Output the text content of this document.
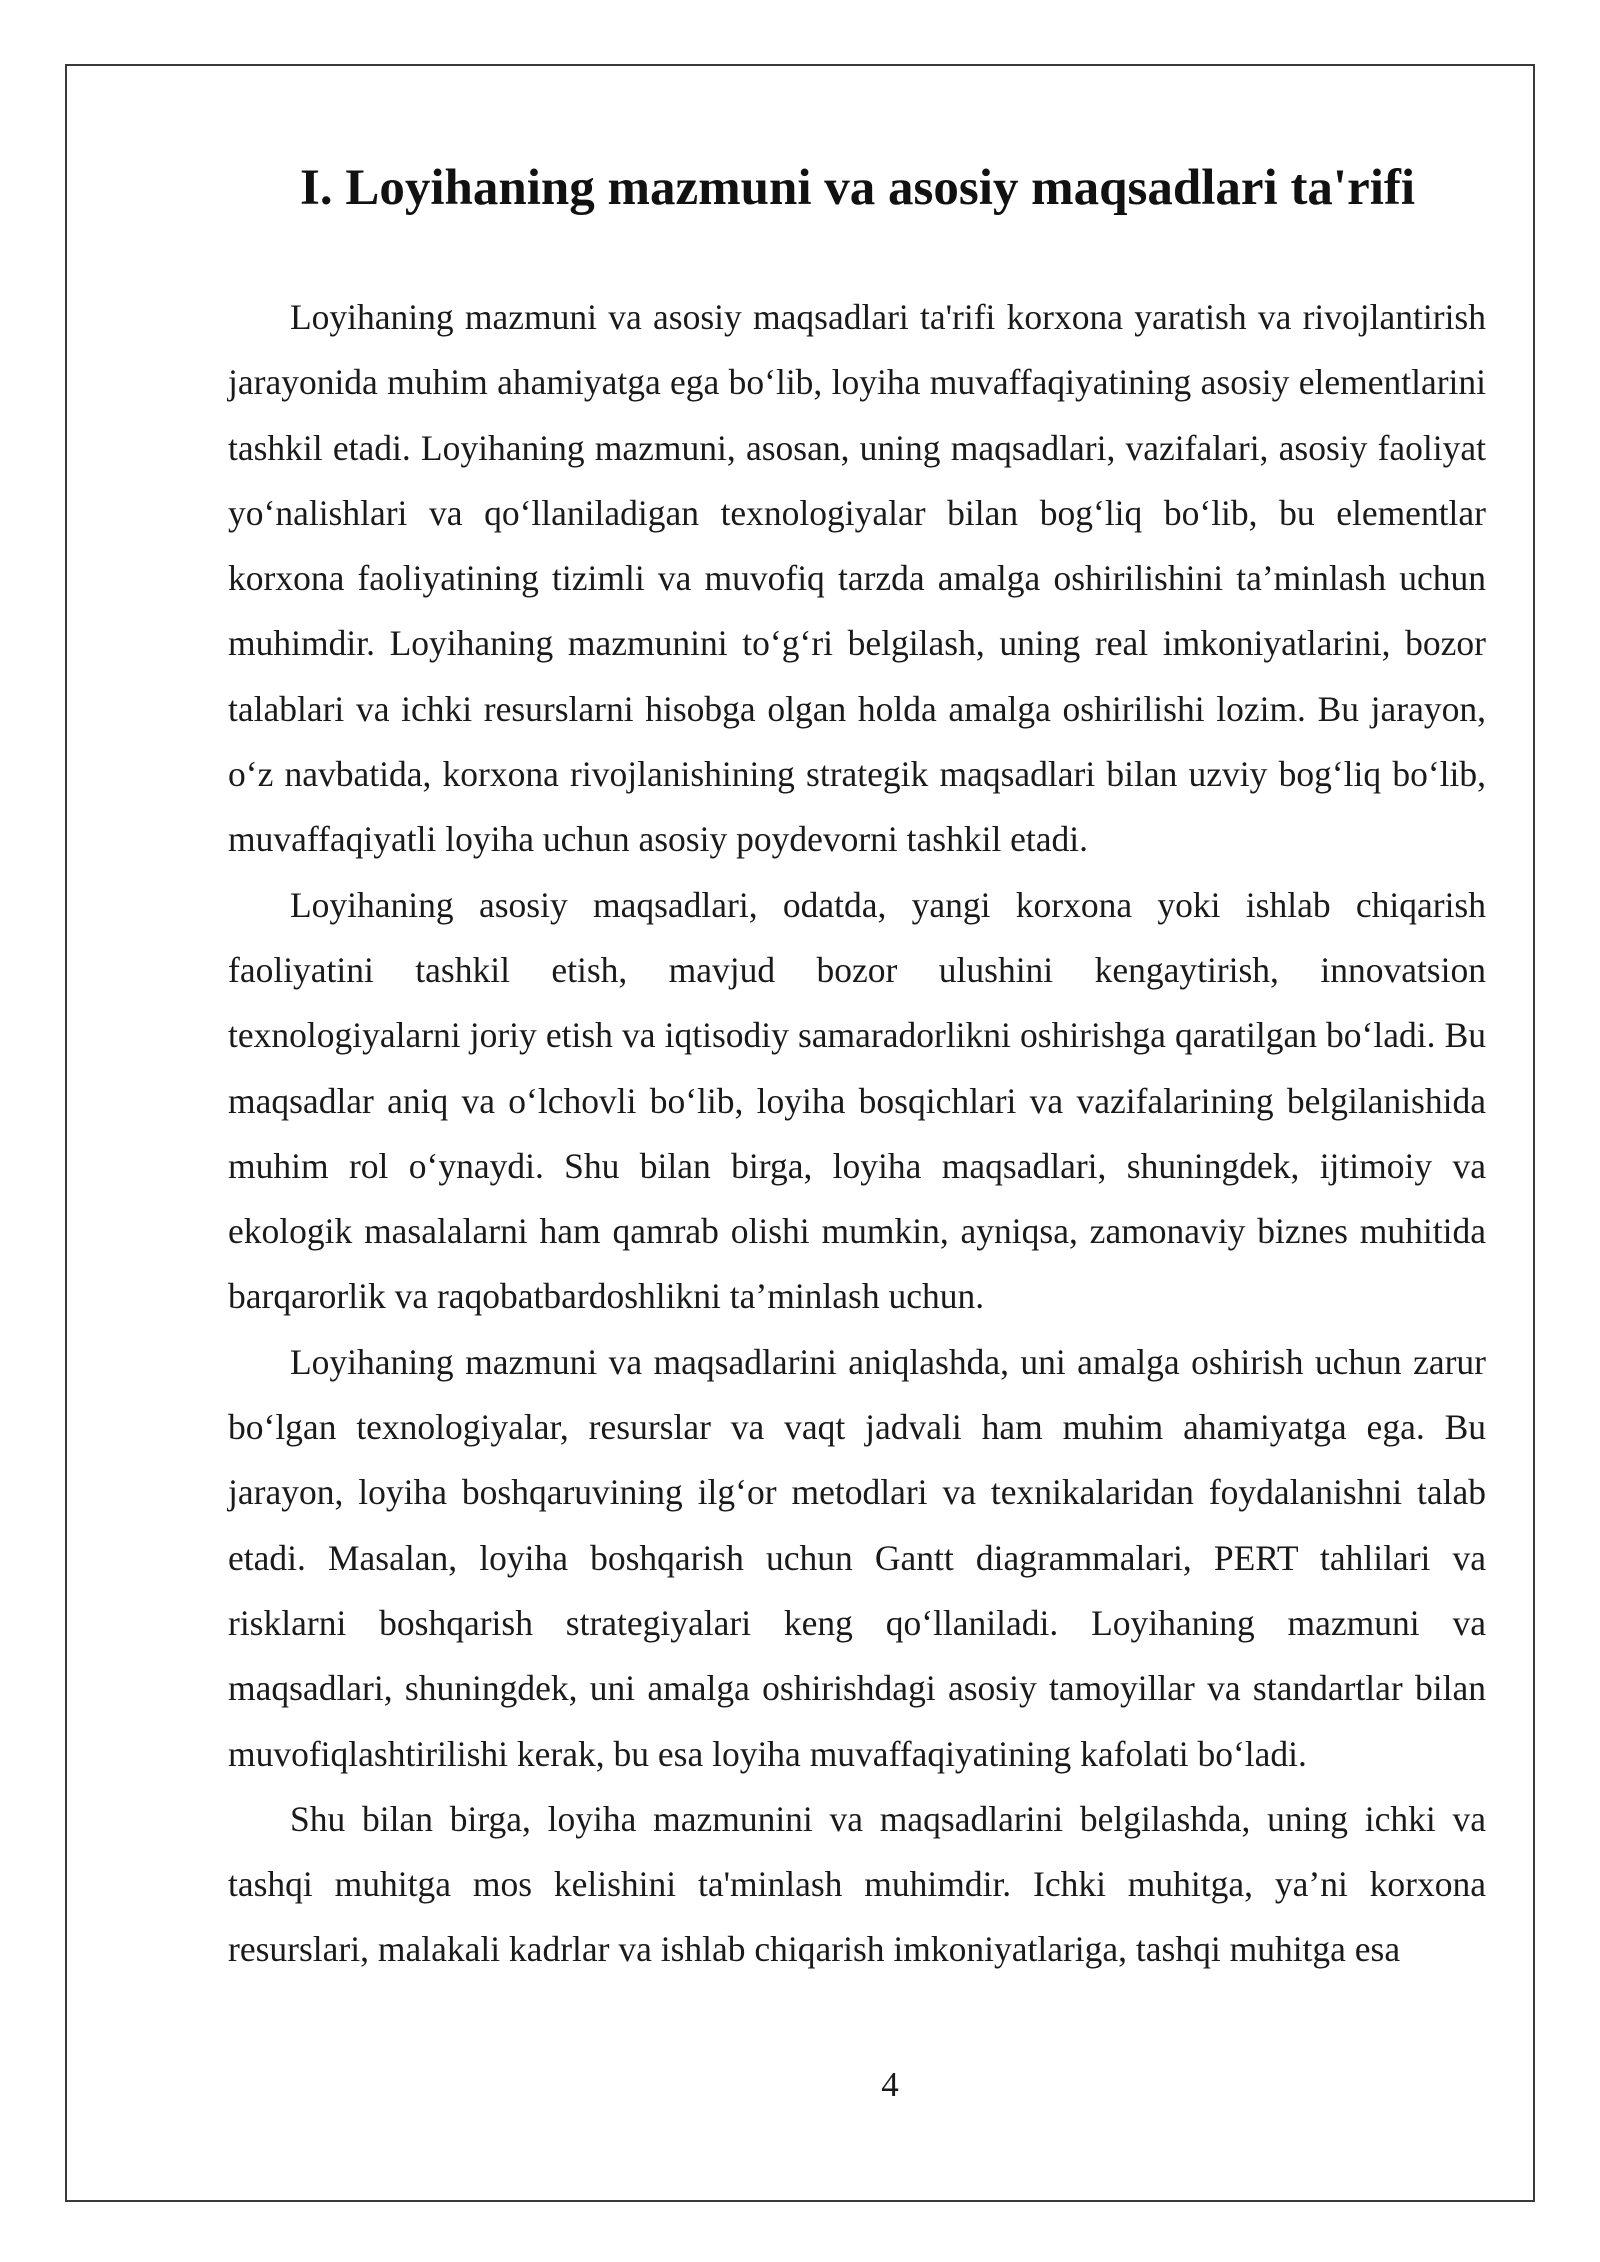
I. Loyihaning mazmuni va asosiy maqsadlari ta'rifi

Loyihaning mazmuni va asosiy maqsadlari ta'rifi korxona yaratish va rivojlantirish jarayonida muhim ahamiyatga ega bo‘lib, loyiha muvaffaqiyatining asosiy elementlarini tashkil etadi. Loyihaning mazmuni, asosan, uning maqsadlari, vazifalari, asosiy faoliyat yo‘nalishlari va qo‘llaniladigan texnologiyalar bilan bog‘liq bo‘lib, bu elementlar korxona faoliyatining tizimli va muvofiq tarzda amalga oshirilishini ta’minlash uchun muhimdir. Loyihaning mazmunini to‘g‘ri belgilash, uning real imkoniyatlarini, bozor talablari va ichki resurslarni hisobga olgan holda amalga oshirilishi lozim. Bu jarayon, o‘z navbatida, korxona rivojlanishining strategik maqsadlari bilan uzviy bog‘liq bo‘lib, muvaffaqiyatli loyiha uchun asosiy poydevorni tashkil etadi.

Loyihaning asosiy maqsadlari, odatda, yangi korxona yoki ishlab chiqarish faoliyatini tashkil etish, mavjud bozor ulushini kengaytirish, innovatsion texnologiyalarni joriy etish va iqtisodiy samaradorlikni oshirishga qaratilgan bo‘ladi. Bu maqsadlar aniq va o‘lchovli bo‘lib, loyiha bosqichlari va vazifalarining belgilanishida muhim rol o‘ynaydi. Shu bilan birga, loyiha maqsadlari, shuningdek, ijtimoiy va ekologik masalalarni ham qamrab olishi mumkin, ayniqsa, zamonaviy biznes muhitida barqarorlik va raqobatbardoshlikni ta’minlash uchun.

Loyihaning mazmuni va maqsadlarini aniqlashda, uni amalga oshirish uchun zarur bo‘lgan texnologiyalar, resurslar va vaqt jadvali ham muhim ahamiyatga ega. Bu jarayon, loyiha boshqaruvining ilg‘or metodlari va texnikalaridan foydalanishni talab etadi. Masalan, loyiha boshqarish uchun Gantt diagrammalari, PERT tahlilari va risklarni boshqarish strategiyalari keng qo‘llaniladi. Loyihaning mazmuni va maqsadlari, shuningdek, uni amalga oshirishdagi asosiy tamoyillar va standartlar bilan muvofiqlashtirilishi kerak, bu esa loyiha muvaffaqiyatining kafolati bo‘ladi.

Shu bilan birga, loyiha mazmunini va maqsadlarini belgilashda, uning ichki va tashqi muhitga mos kelishini ta'minlash muhimdir. Ichki muhitga, ya’ni korxona resurslari, malakali kadrlar va ishlab chiqarish imkoniyatlariga, tashqi muhitga esa

4
